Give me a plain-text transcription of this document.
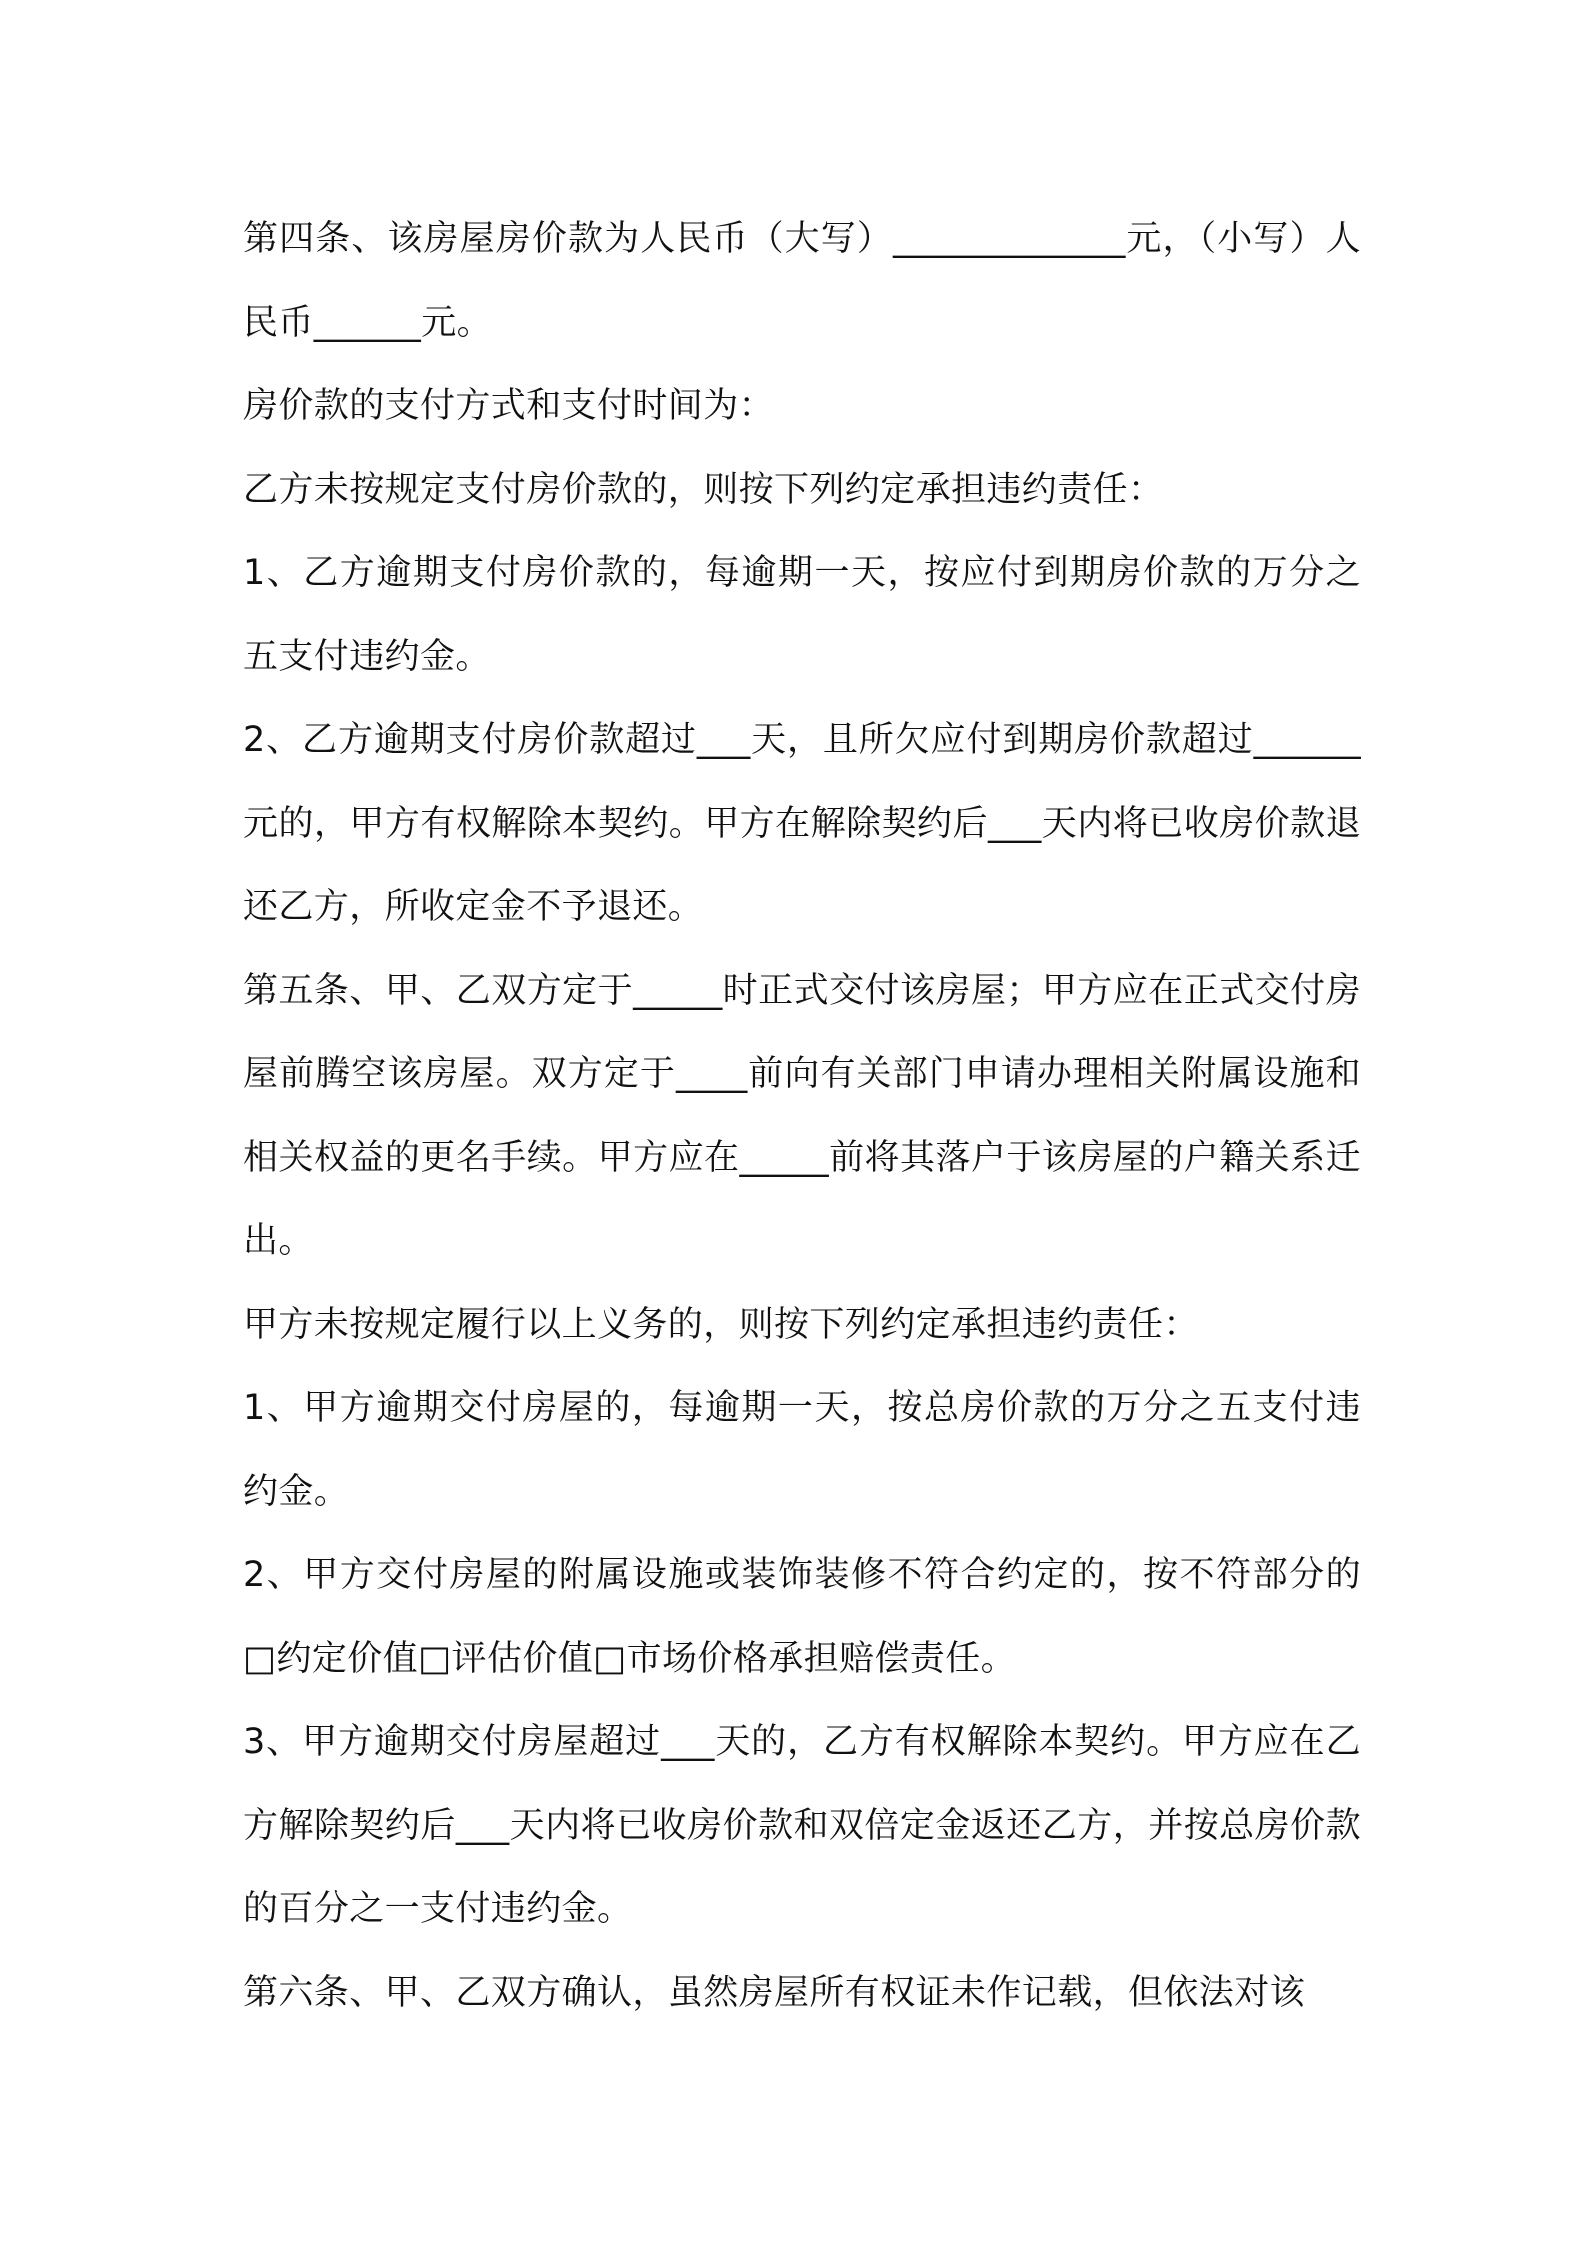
第四条、该房屋房价款为人民币（大写）_____________元，（小写）人民币______元。

房价款的支付方式和支付时间为：

乙方未按规定支付房价款的，则按下列约定承担违约责任：

1、乙方逾期支付房价款的，每逾期一天，按应付到期房价款的万分之五支付违约金。

2、乙方逾期支付房价款超过___天，且所欠应付到期房价款超过______元的，甲方有权解除本契约。甲方在解除契约后___天内将已收房价款退还乙方，所收定金不予退还。

第五条、甲、乙双方定于_____时正式交付该房屋；甲方应在正式交付房屋前腾空该房屋。双方定于____前向有关部门申请办理相关附属设施和相关权益的更名手续。甲方应在_____前将其落户于该房屋的户籍关系迁出。

甲方未按规定履行以上义务的，则按下列约定承担违约责任：

1、甲方逾期交付房屋的，每逾期一天，按总房价款的万分之五支付违约金。

2、甲方交付房屋的附属设施或装饰装修不符合约定的，按不符部分的□约定价值□评估价值□市场价格承担赔偿责任。

3、甲方逾期交付房屋超过___天的，乙方有权解除本契约。甲方应在乙方解除契约后___天内将已收房价款和双倍定金返还乙方，并按总房价款的百分之一支付违约金。

第六条、甲、乙双方确认，虽然房屋所有权证未作记载，但依法对该
